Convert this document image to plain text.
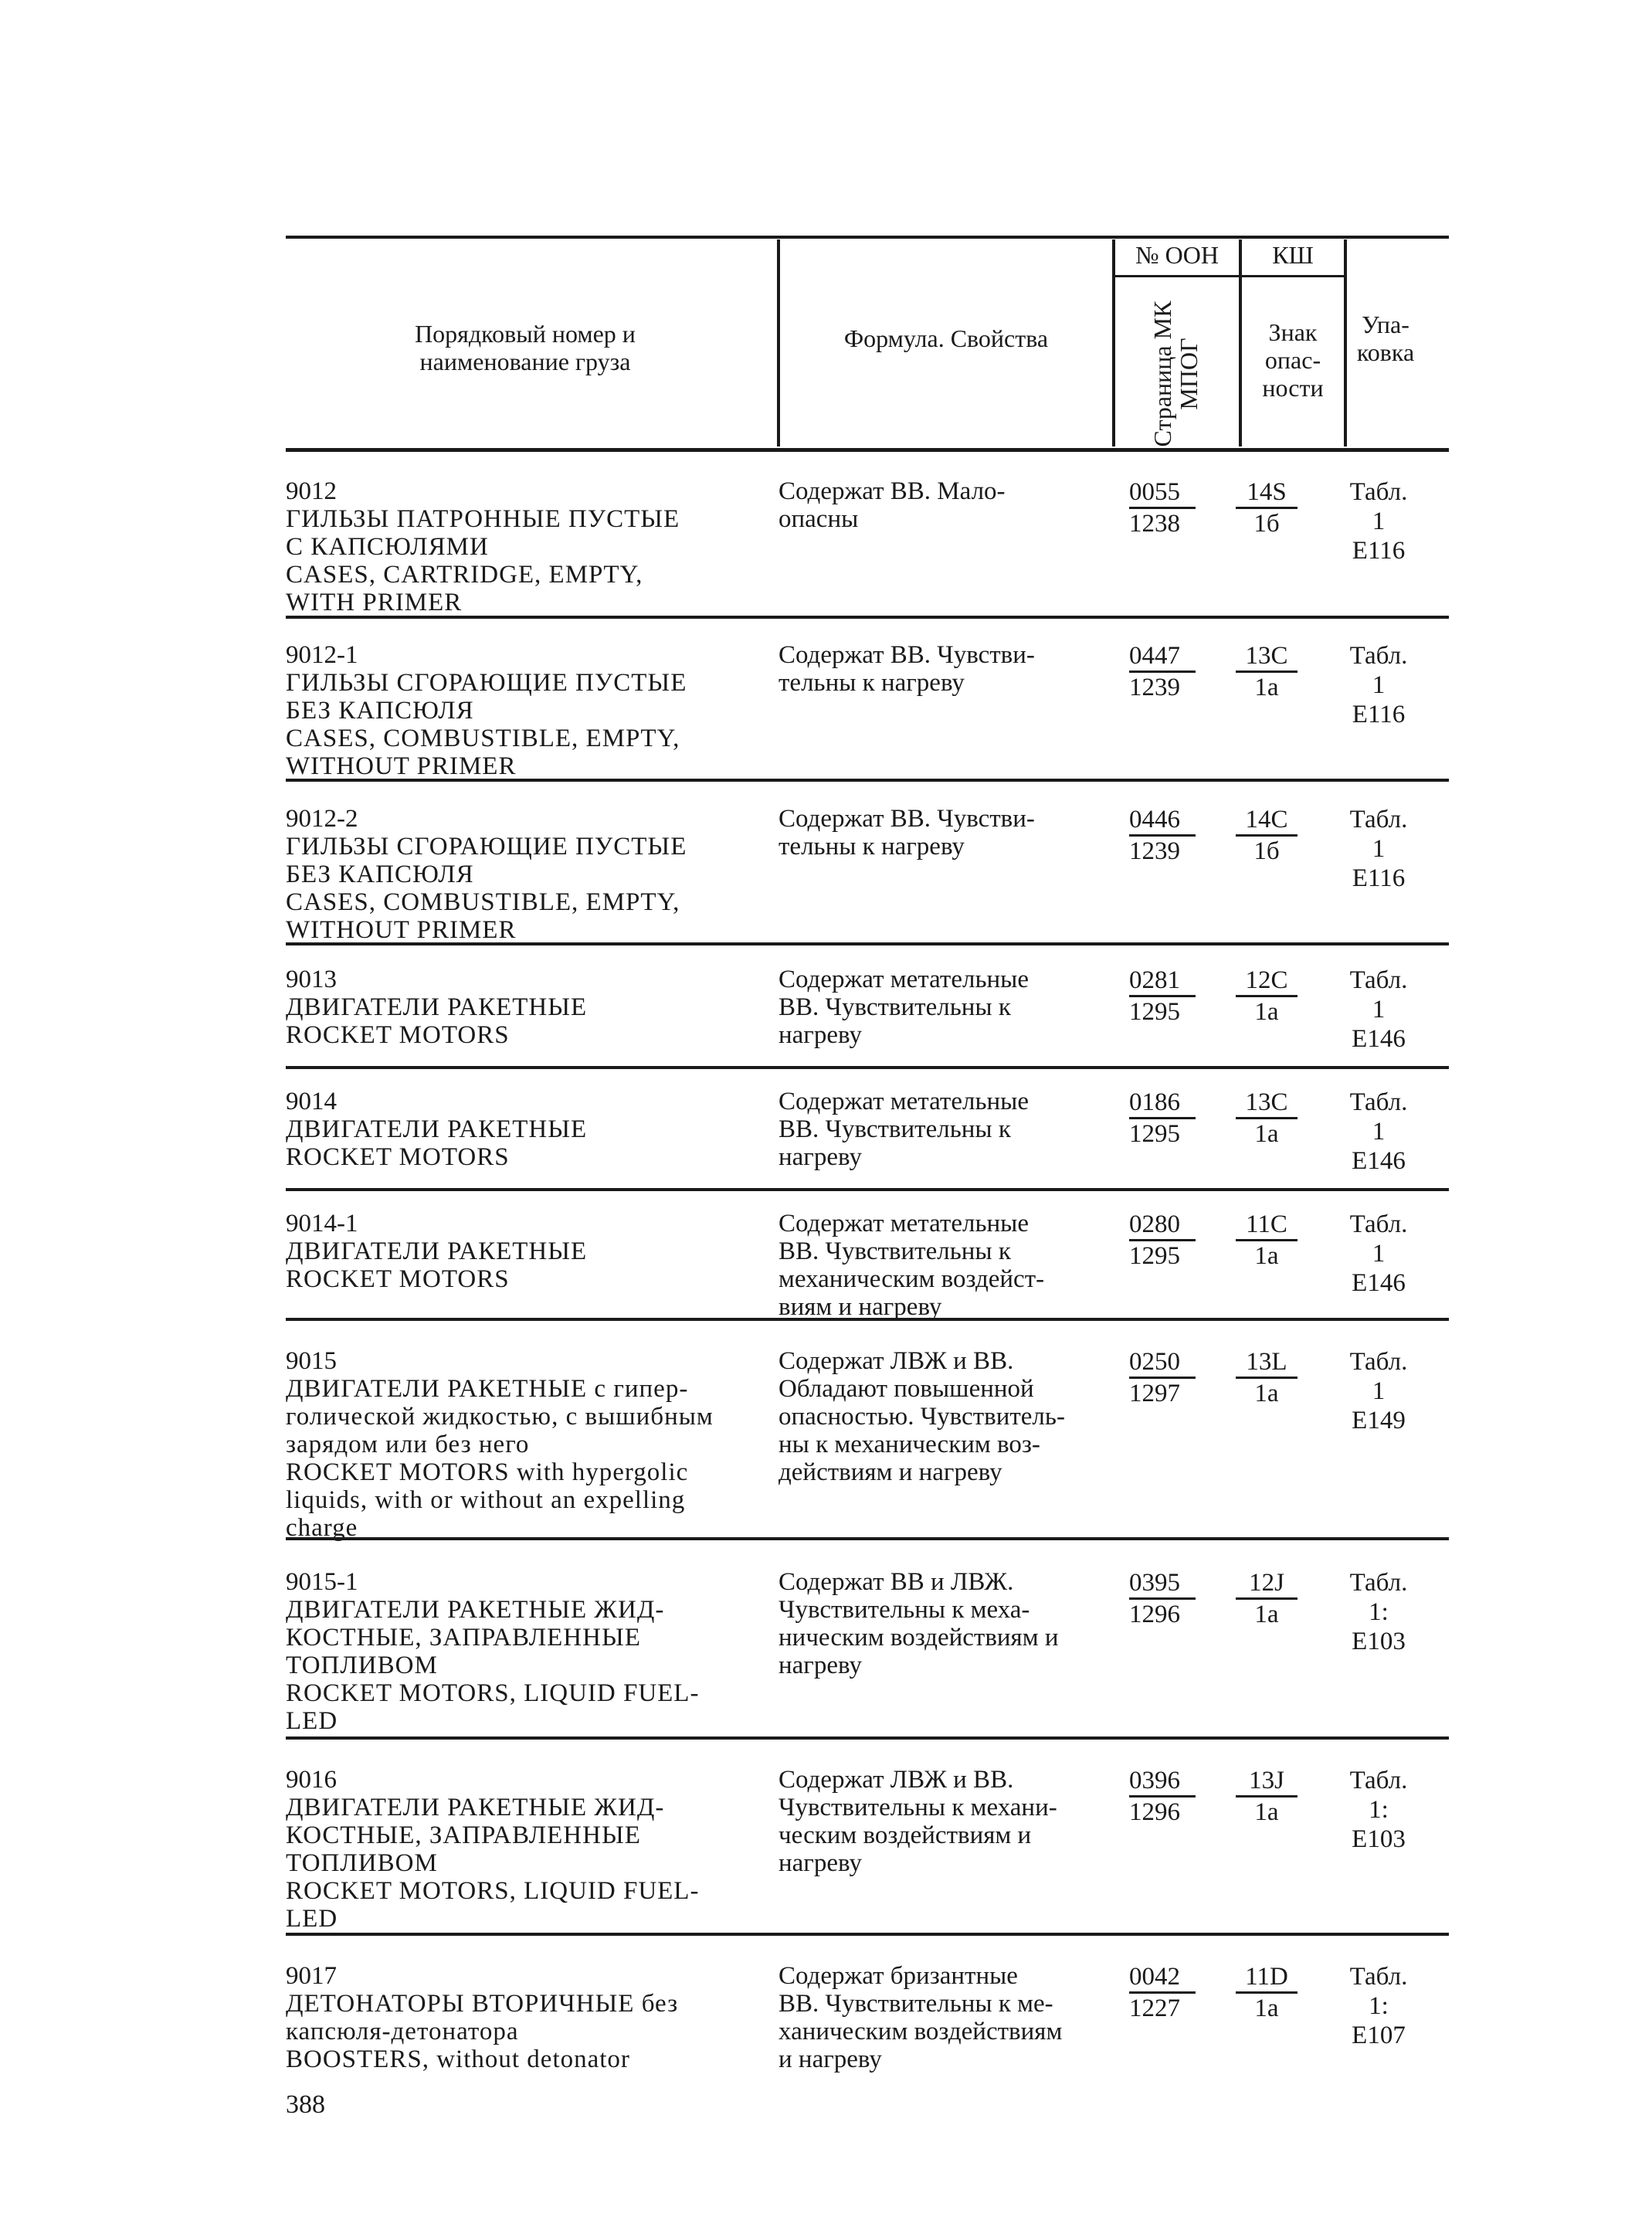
Порядковый номер и наименование груза
Формула. Свойства
№ ООН
Страница МК МПОГ
КШ
Знак опас-ности
Упа-ковка
9012
ГИЛЬЗЫ ПАТРОННЫЕ ПУСТЫЕ
С КАПСЮЛЯМИ
CASES, CARTRIDGE, EMPTY,
WITH PRIMER
Содержат ВВ. Мало-
опасны
0055
1238
14S
1б
Табл.
1
Е116
9012-1
ГИЛЬЗЫ СГОРАЮЩИЕ ПУСТЫЕ
БЕЗ КАПСЮЛЯ
CASES, COMBUSTIBLE, EMPTY,
WITHOUT PRIMER
Содержат ВВ. Чувстви-
тельны к нагреву
0447
1239
13C
1а
Табл.
1
Е116
9012-2
ГИЛЬЗЫ СГОРАЮЩИЕ ПУСТЫЕ
БЕЗ КАПСЮЛЯ
CASES, COMBUSTIBLE, EMPTY,
WITHOUT PRIMER
Содержат ВВ. Чувстви-
тельны к нагреву
0446
1239
14C
1б
Табл.
1
Е116
9013
ДВИГАТЕЛИ РАКЕТНЫЕ
ROCKET MOTORS
Содержат метательные
ВВ. Чувствительны к
нагреву
0281
1295
12C
1а
Табл.
1
Е146
9014
ДВИГАТЕЛИ РАКЕТНЫЕ
ROCKET MOTORS
Содержат метательные
ВВ. Чувствительны к
нагреву
0186
1295
13C
1а
Табл.
1
Е146
9014-1
ДВИГАТЕЛИ РАКЕТНЫЕ
ROCKET MOTORS
Содержат метательные
ВВ. Чувствительны к
механическим воздейст-
виям и нагреву
0280
1295
11C
1а
Табл.
1
Е146
9015
ДВИГАТЕЛИ РАКЕТНЫЕ с гипер-
голической жидкостью, с вышибным
зарядом или без него
ROCKET MOTORS with hypergolic
liquids, with or without an expelling
charge
Содержат ЛВЖ и ВВ.
Обладают повышенной
опасностью. Чувствитель-
ны к механическим воз-
действиям и нагреву
0250
1297
13L
1а
Табл.
1
Е149
9015-1
ДВИГАТЕЛИ РАКЕТНЫЕ ЖИД-
КОСТНЫЕ, ЗАПРАВЛЕННЫЕ
ТОПЛИВОМ
ROCKET MOTORS, LIQUID FUEL-
LED
Содержат ВВ и ЛВЖ.
Чувствительны к меха-
ническим воздействиям и
нагреву
0395
1296
12J
1а
Табл.
1:
Е103
9016
ДВИГАТЕЛИ РАКЕТНЫЕ ЖИД-
КОСТНЫЕ, ЗАПРАВЛЕННЫЕ
ТОПЛИВОМ
ROCKET MOTORS, LIQUID FUEL-
LED
Содержат ЛВЖ и ВВ.
Чувствительны к механи-
ческим воздействиям и
нагреву
0396
1296
13J
1а
Табл.
1:
Е103
9017
ДЕТОНАТОРЫ ВТОРИЧНЫЕ без
капсюля-детонатора
BOOSTERS, without detonator
Содержат бризантные
ВВ. Чувствительны к ме-
ханическим воздействиям
и нагреву
0042
1227
11D
1а
Табл.
1:
Е107
388
